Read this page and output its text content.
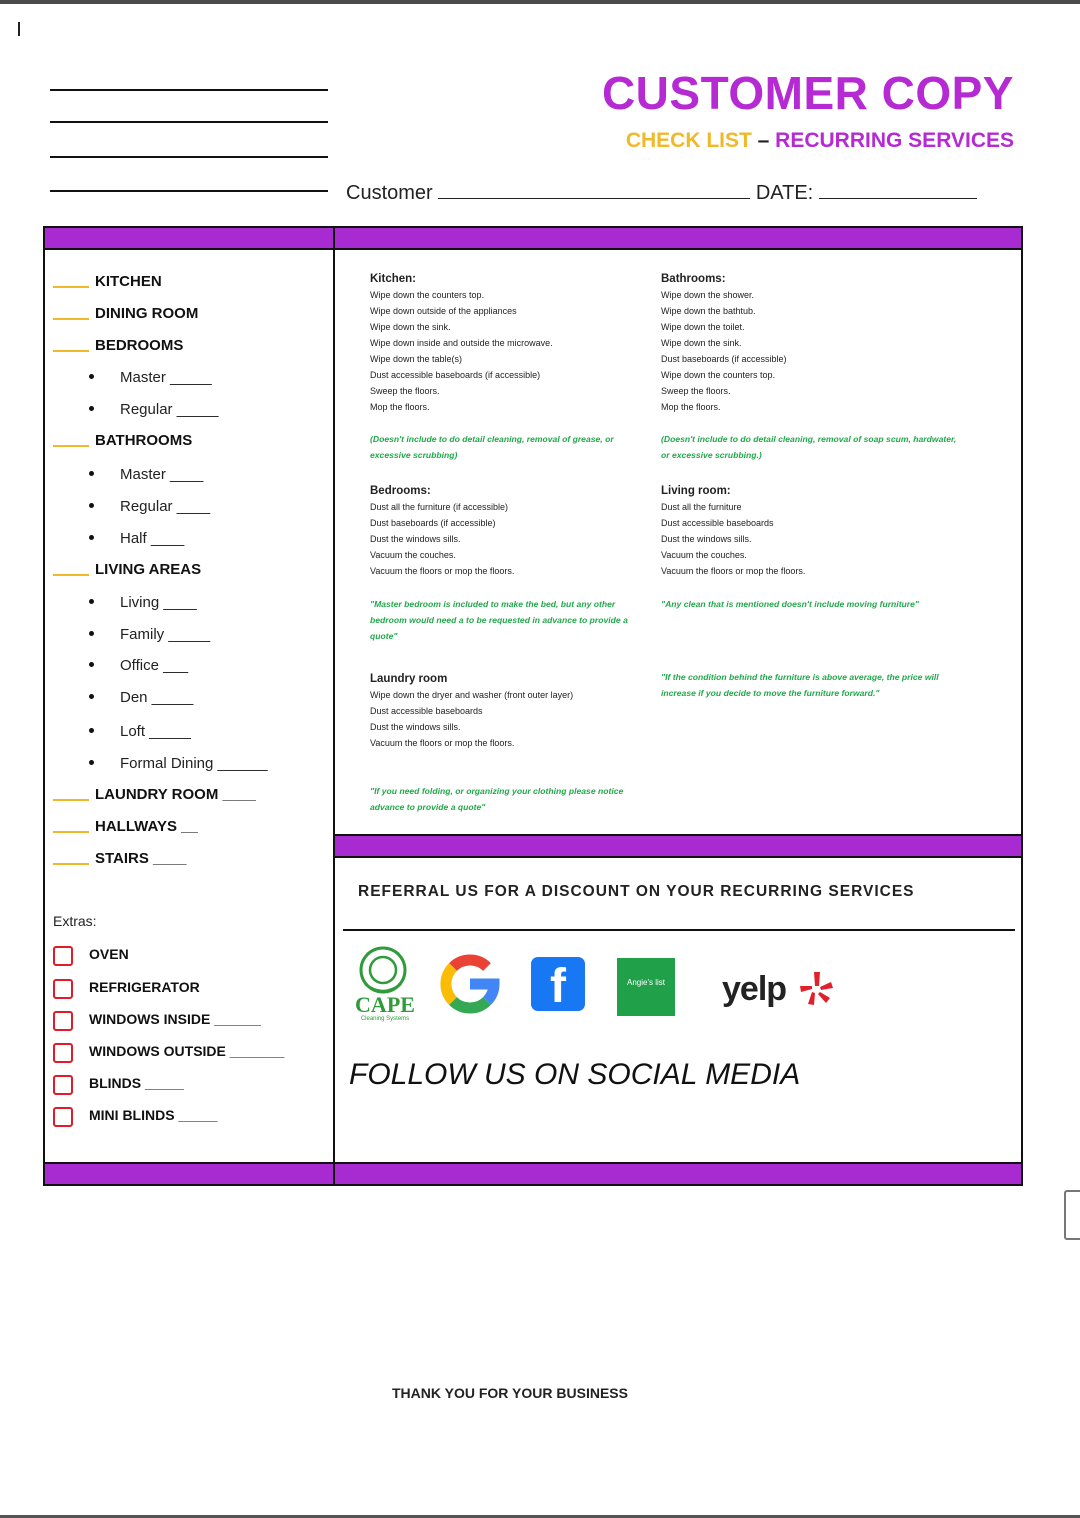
CUSTOMER COPY
CHECK LIST – RECURRING SERVICES
Customer	DATE:
KITCHEN
DINING ROOM
BEDROOMS
Master _____
Regular _____
BATHROOMS
Master ____
Regular ____
Half ____
LIVING AREAS
Living ____
Family _____
Office ___
Den _____
Loft _____
Formal Dining ______
LAUNDRY ROOM ____
HALLWAYS __
STAIRS ____
Extras:
OVEN
REFRIGERATOR
WINDOWS INSIDE ______
WINDOWS OUTSIDE _______
BLINDS _____
MINI BLINDS _____
Kitchen:
Wipe down the counters top.
Wipe down outside of the appliances
Wipe down the sink.
Wipe down inside and outside the microwave.
Wipe down the table(s)
Dust accessible baseboards (if accessible)
Sweep the floors.
Mop the floors.
(Doesn't include to do detail cleaning, removal of grease, or excessive scrubbing)
Bathrooms:
Wipe down the shower.
Wipe down the bathtub.
Wipe down the toilet.
Wipe down the sink.
Dust baseboards (if accessible)
Wipe down the counters top.
Sweep the floors.
Mop the floors.
(Doesn't include to do detail cleaning, removal of soap scum, hardwater, or excessive scrubbing.)
Bedrooms:
Dust all the furniture (if accessible)
Dust baseboards (if accessible)
Dust the windows sills.
Vacuum the couches.
Vacuum the floors or mop the floors.
"Master bedroom is included to make the bed, but any other bedroom would need a to be requested in advance to provide a quote"
Living room:
Dust all the furniture
Dust accessible baseboards
Dust the windows sills.
Vacuum the couches.
Vacuum the floors or mop the floors.
"Any clean that is mentioned doesn't include moving furniture"
Laundry room
Wipe down the dryer and washer (front outer layer)
Dust accessible baseboards
Dust the windows sills.
Vacuum the floors or mop the floors.
"If you need folding, or organizing your clothing please notice advance to provide a quote"
"If the condition behind the furniture is above average, the price will increase if you decide to move the furniture forward."
REFERRAL US FOR A DISCOUNT ON YOUR RECURRING SERVICES
CAPE
Cleaning Systems
f	Angie's list yelp
FOLLOW US ON SOCIAL MEDIA
THANK YOU FOR YOUR BUSINESS
